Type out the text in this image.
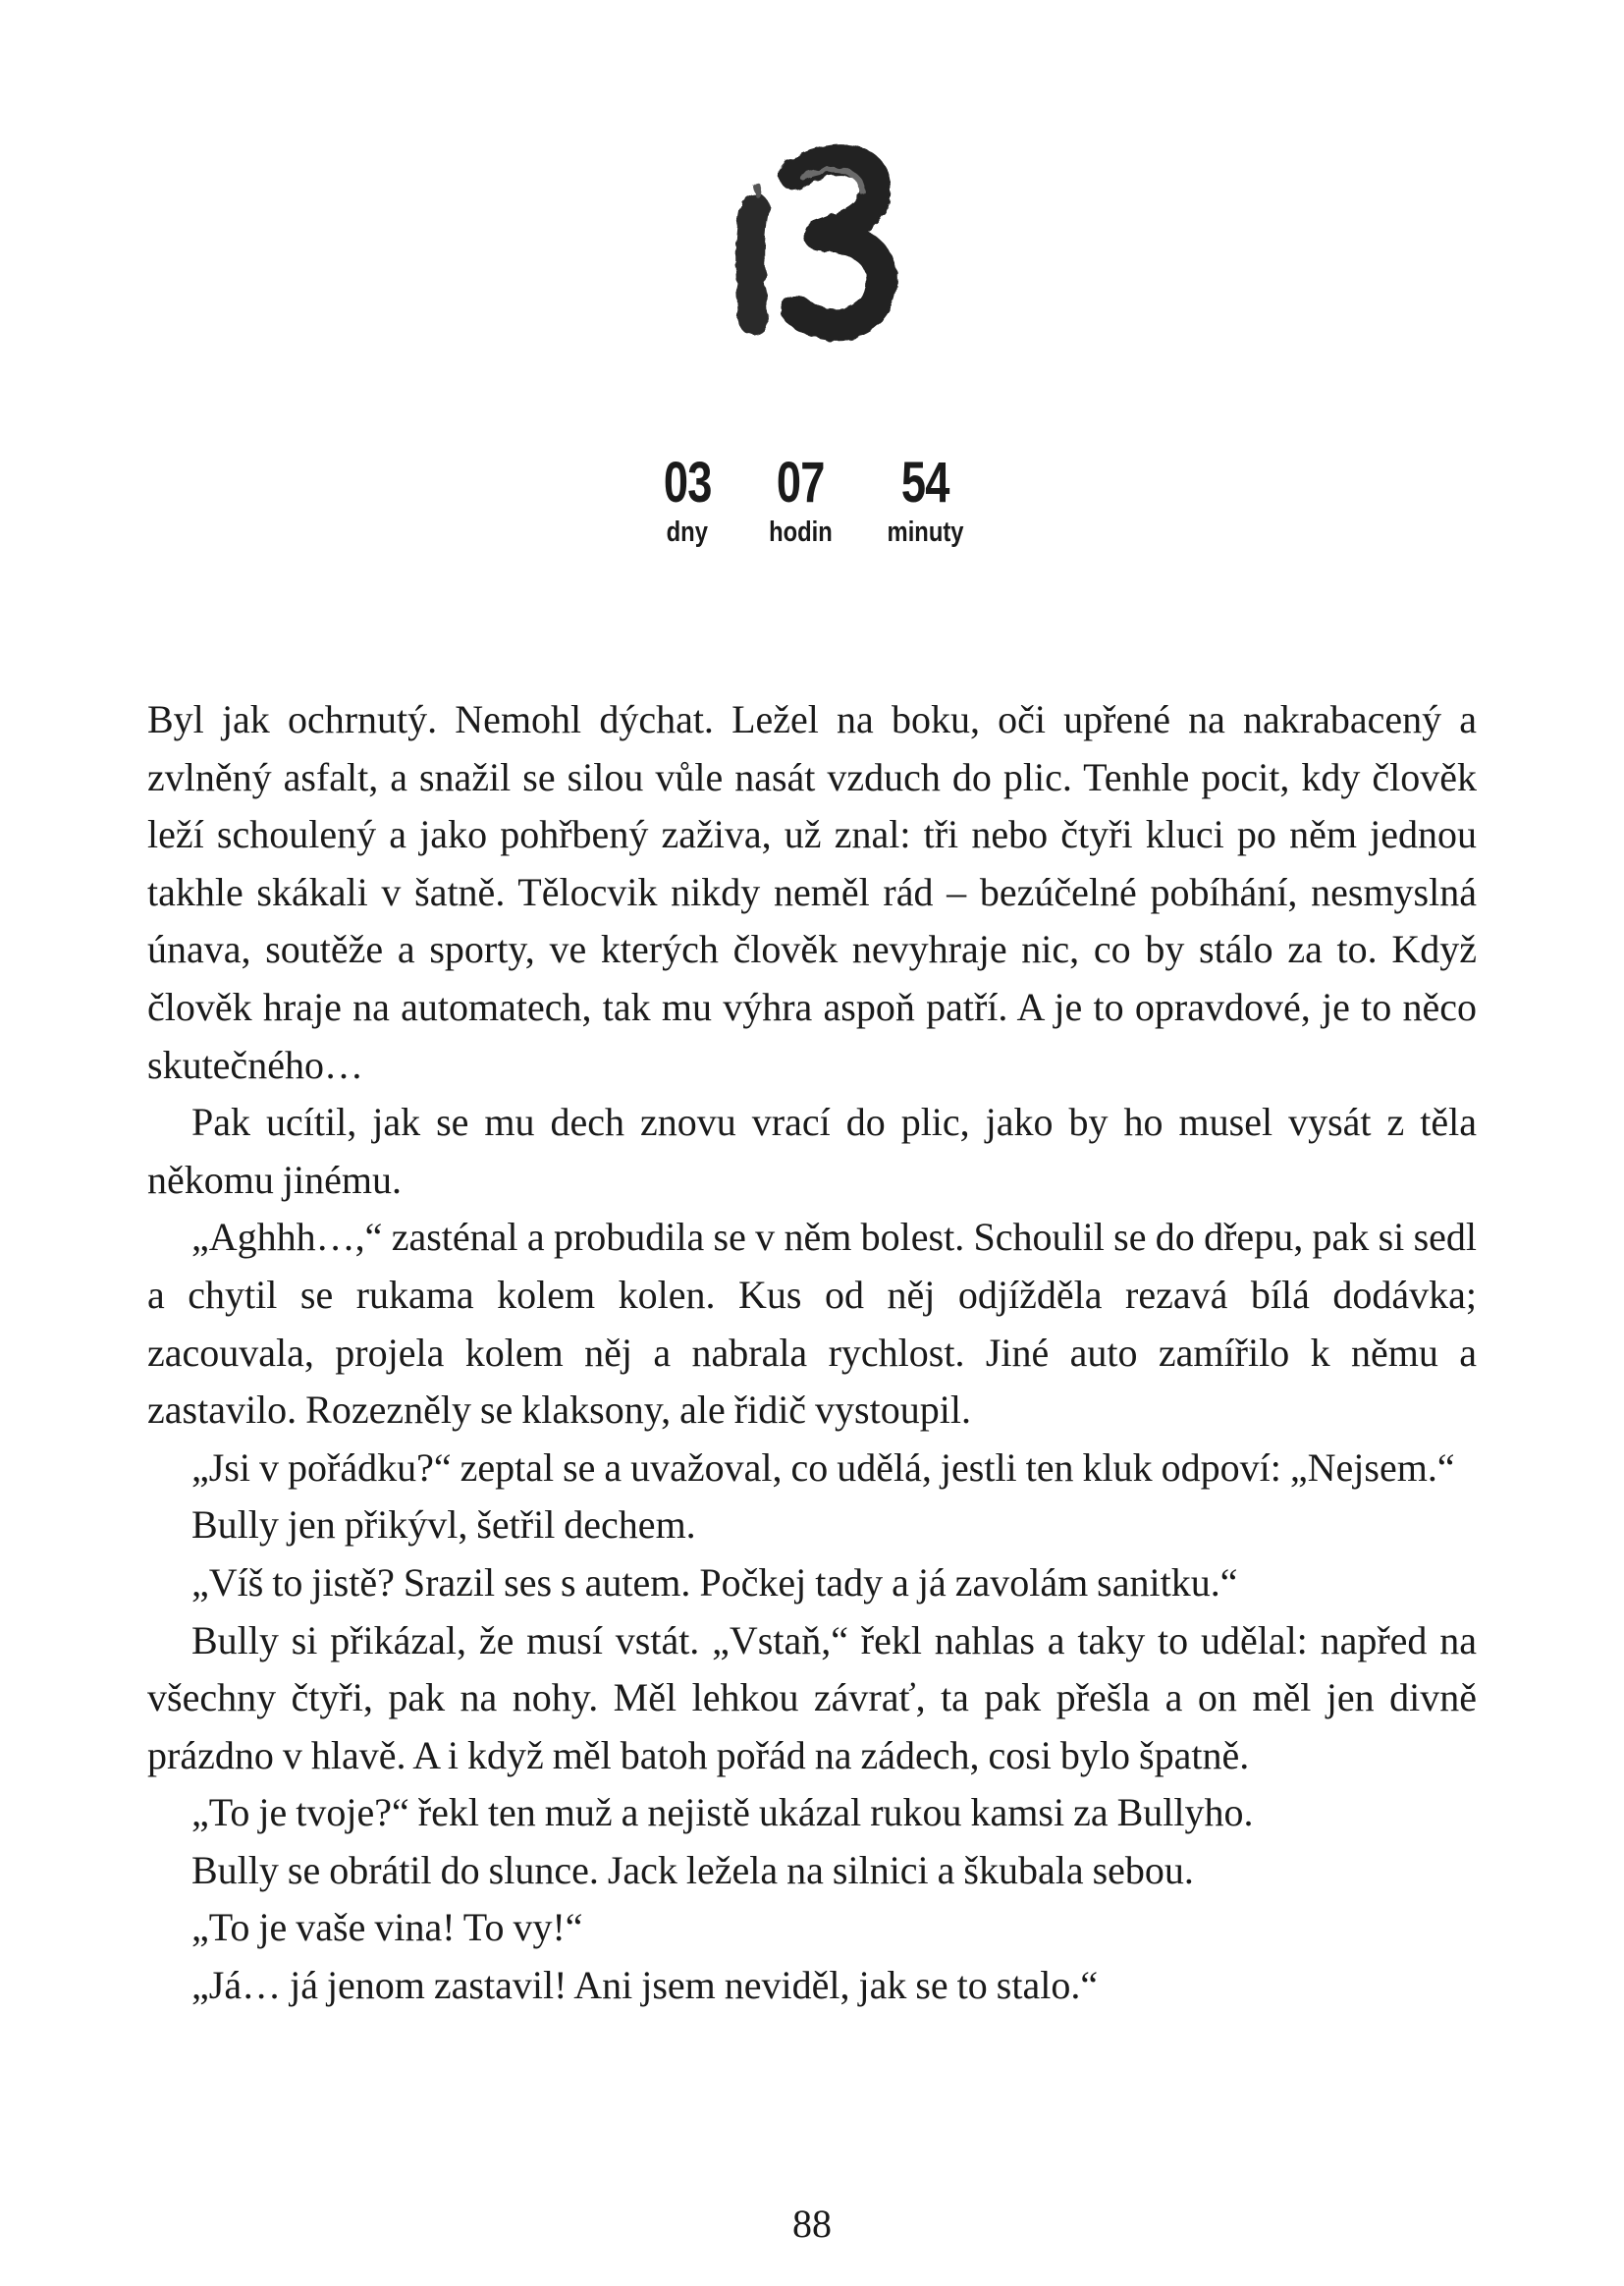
03
dny
07
hodin
54
minuty

Byl jak ochrnutý. Nemohl dýchat. Ležel na boku, oči upřené na nakrabacený a zvlněný asfalt, a snažil se silou vůle nasát vzduch do plic. Tenhle pocit, kdy člověk leží schoulený a jako pohřbený zaživa, už znal: tři nebo čtyři kluci po něm jednou takhle skákali v šatně. Tělocvik nikdy neměl rád – bezúčelné pobíhání, nesmyslná únava, soutěže a sporty, ve kterých člověk nevyhraje nic, co by stálo za to. Když člověk hraje na automatech, tak mu výhra aspoň patří. A je to opravdové, je to něco skutečného…

Pak ucítil, jak se mu dech znovu vrací do plic, jako by ho musel vysát z těla někomu jinému.

„Aghhh…,“ zasténal a probudila se v něm bolest. Schoulil se do dřepu, pak si sedl a chytil se rukama kolem kolen. Kus od něj odjížděla rezavá bílá dodávka; zacouvala, projela kolem něj a nabrala rychlost. Jiné auto zamířilo k němu a zastavilo. Rozezněly se klaksony, ale řidič vystoupil.

„Jsi v pořádku?“ zeptal se a uvažoval, co udělá, jestli ten kluk odpoví: „Nejsem.“

Bully jen přikývl, šetřil dechem.

„Víš to jistě? Srazil ses s autem. Počkej tady a já zavolám sanitku.“

Bully si přikázal, že musí vstát. „Vstaň,“ řekl nahlas a taky to udělal: napřed na všechny čtyři, pak na nohy. Měl lehkou závrať, ta pak přešla a on měl jen divně prázdno v hlavě. A i když měl batoh pořád na zádech, cosi bylo špatně.

„To je tvoje?“ řekl ten muž a nejistě ukázal rukou kamsi za Bullyho.

Bully se obrátil do slunce. Jack ležela na silnici a škubala sebou.

„To je vaše vina! To vy!“

„Já… já jenom zastavil! Ani jsem neviděl, jak se to stalo.“

88
